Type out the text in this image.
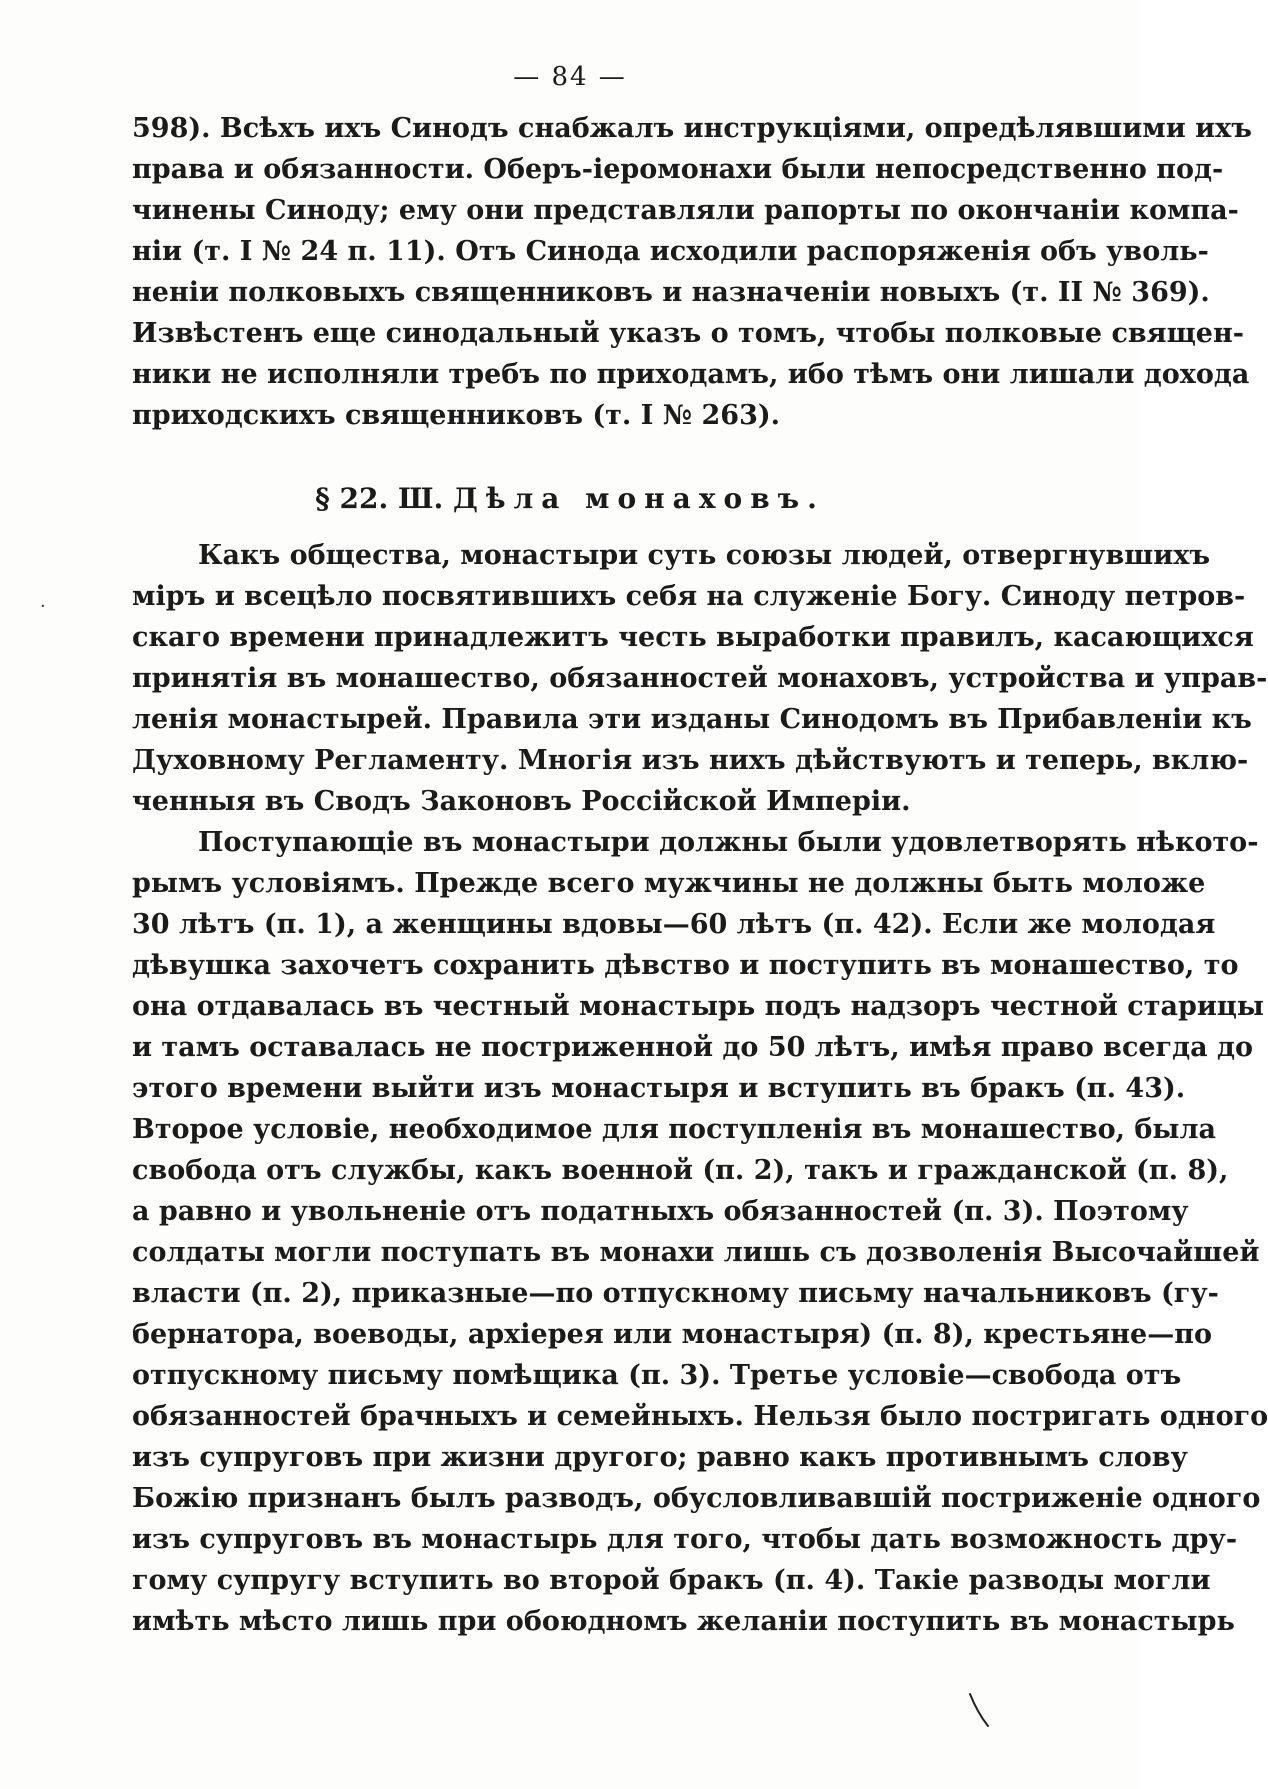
— 84 —
598). Всѣхъ ихъ Синодъ снабжалъ инструкціями, опредѣлявшими ихъ
права и обязанности. Оберъ-іеромонахи были непосредственно под-
чинены Синоду; ему они представляли рапорты по окончаніи компа-
ніи (т. I № 24 п. 11). Отъ Синода исходили распоряженія объ уволь-
неніи полковыхъ священниковъ и назначеніи новыхъ (т. II № 369).
Извѣстенъ еще синодальный указъ о томъ, чтобы полковые священ-
ники не исполняли требъ по приходамъ, ибо тѣмъ они лишали дохода
приходскихъ священниковъ (т. I № 263).
§ 22. Ш. Дѣла монаховъ.
Какъ общества, монастыри суть союзы людей, отвергнувшихъ
міръ и всецѣло посвятившихъ себя на служеніе Богу. Синоду петров-
скаго времени принадлежитъ честь выработки правилъ, касающихся
принятія въ монашество, обязанностей монаховъ, устройства и управ-
ленія монастырей. Правила эти изданы Синодомъ въ Прибавленіи къ
Духовному Регламенту. Многія изъ нихъ дѣйствуютъ и теперь, вклю-
ченныя въ Сводъ Законовъ Россійской Имперіи.
Поступающіе въ монастыри должны были удовлетворять нѣкото-
рымъ условіямъ. Прежде всего мужчины не должны быть моложе
30 лѣтъ (п. 1), а женщины вдовы—60 лѣтъ (п. 42). Если же молодая
дѣвушка захочетъ сохранить дѣвство и поступить въ монашество, то
она отдавалась въ честный монастырь подъ надзоръ честной старицы
и тамъ оставалась не постриженной до 50 лѣтъ, имѣя право всегда до
этого времени выйти изъ монастыря и вступить въ бракъ (п. 43).
Второе условіе, необходимое для поступленія въ монашество, была
свобода отъ службы, какъ военной (п. 2), такъ и гражданской (п. 8),
а равно и увольненіе отъ податныхъ обязанностей (п. 3). Поэтому
солдаты могли поступать въ монахи лишь съ дозволенія Высочайшей
власти (п. 2), приказные—по отпускному письму начальниковъ (гу-
бернатора, воеводы, архіерея или монастыря) (п. 8), крестьяне—по
отпускному письму помѣщика (п. 3). Третье условіе—свобода отъ
обязанностей брачныхъ и семейныхъ. Нельзя было постригать одного
изъ супруговъ при жизни другого; равно какъ противнымъ слову
Божію признанъ былъ разводъ, обусловливавшій постриженіе одного
изъ супруговъ въ монастырь для того, чтобы дать возможность дру-
гому супругу вступить во второй бракъ (п. 4). Такіе разводы могли
имѣть мѣсто лишь при обоюдномъ желаніи поступить въ монастырь
·
